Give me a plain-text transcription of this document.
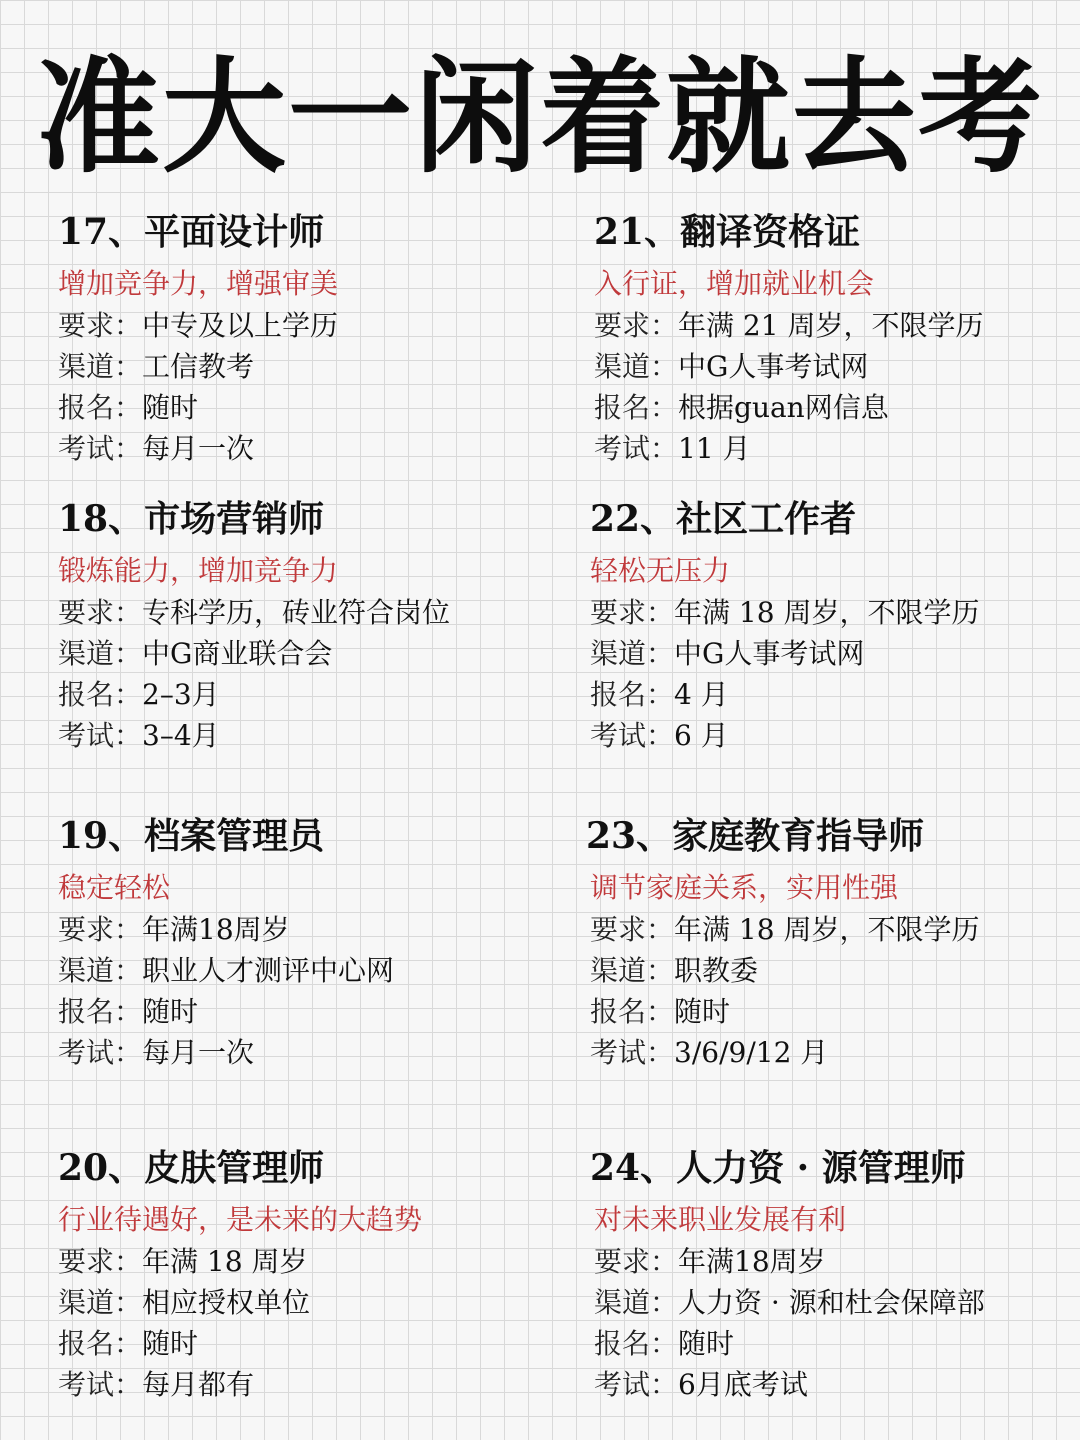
准大一闲着就去考
17、平面设计师
增加竞争力，增强审美
要求：中专及以上学历
渠道：工信教考
报名：随时
考试：每月一次
18、市场营销师
锻炼能力，增加竞争力
要求：专科学历，砖业符合岗位
渠道：中G商业联合会
报名：2–3月
考试：3–4月
19、档案管理员
稳定轻松
要求：年满18周岁
渠道：职业人才测评中心网
报名：随时
考试：每月一次
20、皮肤管理师
行业待遇好，是未来的大趋势
要求：年满 18 周岁
渠道：相应授权单位
报名：随时
考试：每月都有
21、翻译资格证
入行证，增加就业机会
要求：年满 21 周岁，不限学历
渠道：中G人事考试网
报名：根据guan网信息
考试：11 月
22、社区工作者
轻松无压力
要求：年满 18 周岁，不限学历
渠道：中G人事考试网
报名：4 月
考试：6 月
23、家庭教育指导师
调节家庭关系，实用性强
要求：年满 18 周岁，不限学历
渠道：职教委
报名：随时
考试：3/6/9/12 月
24、人力资 · 源管理师
对未来职业发展有利
要求：年满18周岁
渠道：人力资 · 源和杜会保障部
报名：随时
考试：6月底考试
